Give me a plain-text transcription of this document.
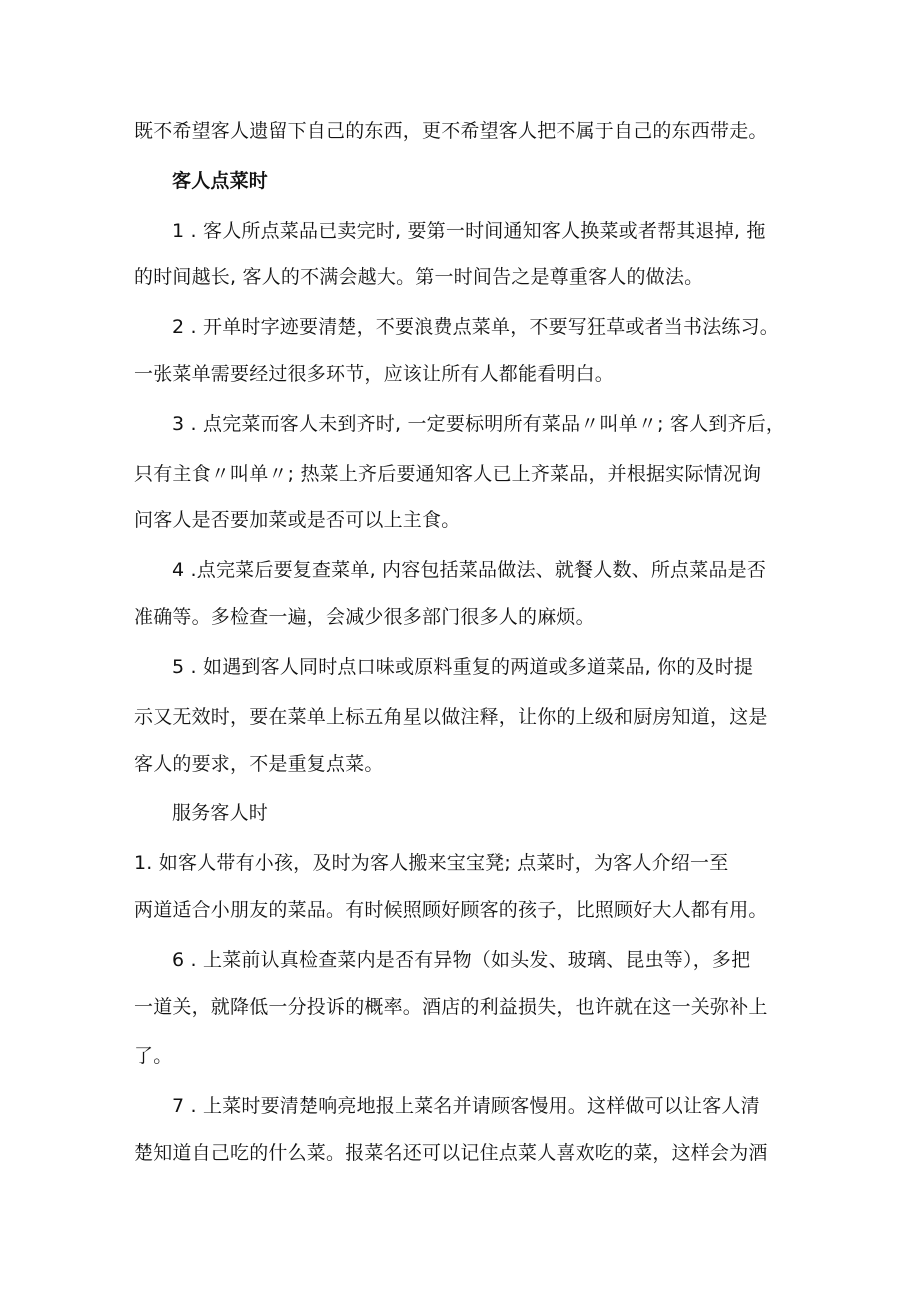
既不希望客人遗留下自己的东西，更不希望客人把不属于自己的东西带走。
客人点菜时
1 . 客人所点菜品已卖完时, 要第一时间通知客人换菜或者帮其退掉, 拖
的时间越长, 客人的不满会越大。第一时间告之是尊重客人的做法。
2 . 开单时字迹要清楚，不要浪费点菜单，不要写狂草或者当书法练习。
一张菜单需要经过很多环节，应该让所有人都能看明白。
3 . 点完菜而客人未到齐时, 一定要标明所有菜品〃叫单〃; 客人到齐后，
只有主食〃叫单〃; 热菜上齐后要通知客人已上齐菜品，并根据实际情况询
问客人是否要加菜或是否可以上主食。
4 .点完菜后要复查菜单, 内容包括菜品做法、就餐人数、所点菜品是否
准确等。多检查一遍，会减少很多部门很多人的麻烦。
5 . 如遇到客人同时点口味或原料重复的两道或多道菜品, 你的及时提
示又无效时，要在菜单上标五角星以做注释，让你的上级和厨房知道，这是
客人的要求，不是重复点菜。
服务客人时
1. 如客人带有小孩，及时为客人搬来宝宝凳; 点菜时，为客人介绍一至
两道适合小朋友的菜品。有时候照顾好顾客的孩子，比照顾好大人都有用。
6 . 上菜前认真检查菜内是否有异物（如头发、玻璃、昆虫等），多把
一道关，就降低一分投诉的概率。酒店的利益损失，也许就在这一关弥补上
了。
7 . 上菜时要清楚响亮地报上菜名并请顾客慢用。这样做可以让客人清
楚知道自己吃的什么菜。报菜名还可以记住点菜人喜欢吃的菜，这样会为酒
